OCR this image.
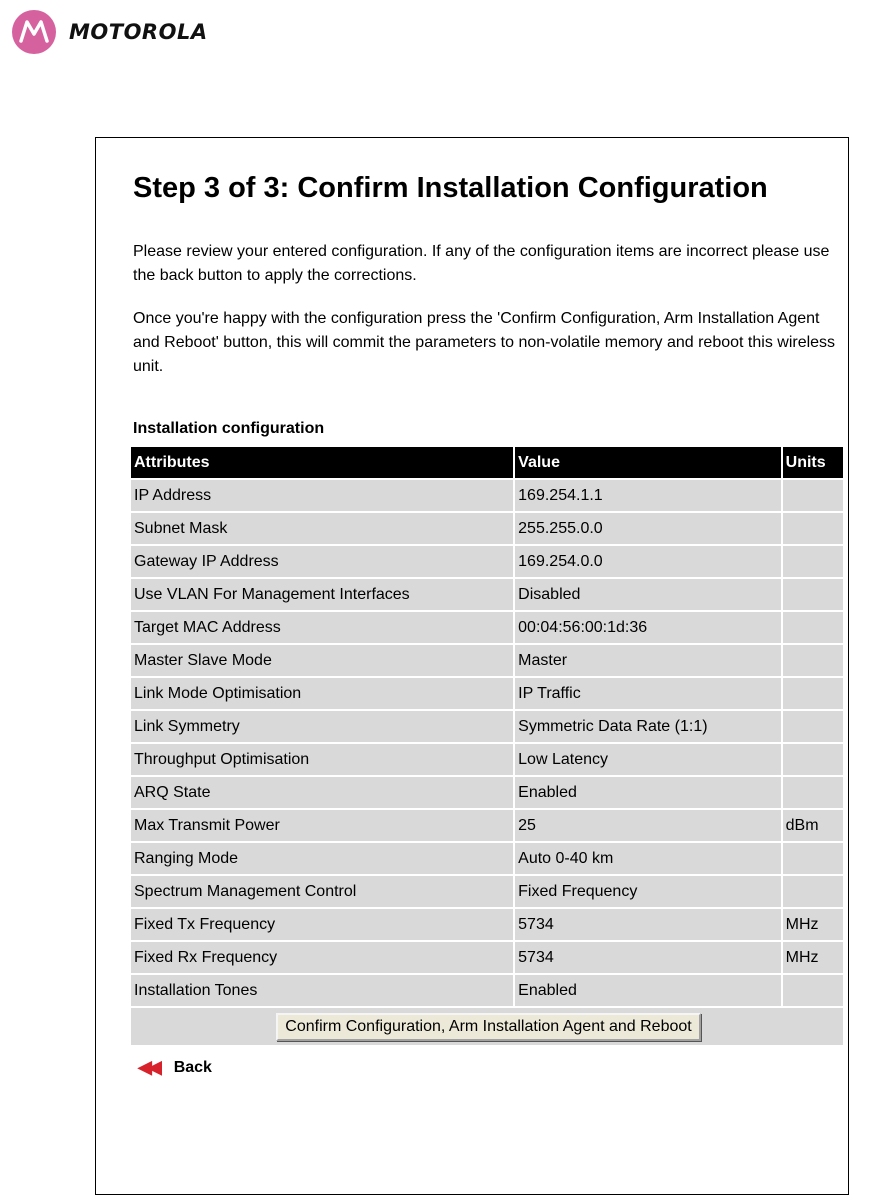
MOTOROLA
Step 3 of 3: Confirm Installation Configuration

Please review your entered configuration. If any of the configuration items are incorrect please use the back button to apply the corrections.

Once you're happy with the configuration press the 'Confirm Configuration, Arm Installation Agent and Reboot' button, this will commit the parameters to non-volatile memory and reboot this wireless unit.

Installation configuration
Attributes	Value	Units
IP Address	169.254.1.1	
Subnet Mask	255.255.0.0	
Gateway IP Address	169.254.0.0	
Use VLAN For Management Interfaces	Disabled	
Target MAC Address	00:04:56:00:1d:36	
Master Slave Mode	Master	
Link Mode Optimisation	IP Traffic	
Link Symmetry	Symmetric Data Rate (1:1)	
Throughput Optimisation	Low Latency	
ARQ State	Enabled	
Max Transmit Power	25	dBm
Ranging Mode	Auto 0-40 km	
Spectrum Management Control	Fixed Frequency	
Fixed Tx Frequency	5734	MHz
Fixed Rx Frequency	5734	MHz
Installation Tones	Enabled	
Confirm Configuration, Arm Installation Agent and Reboot		
◀◀ Back
